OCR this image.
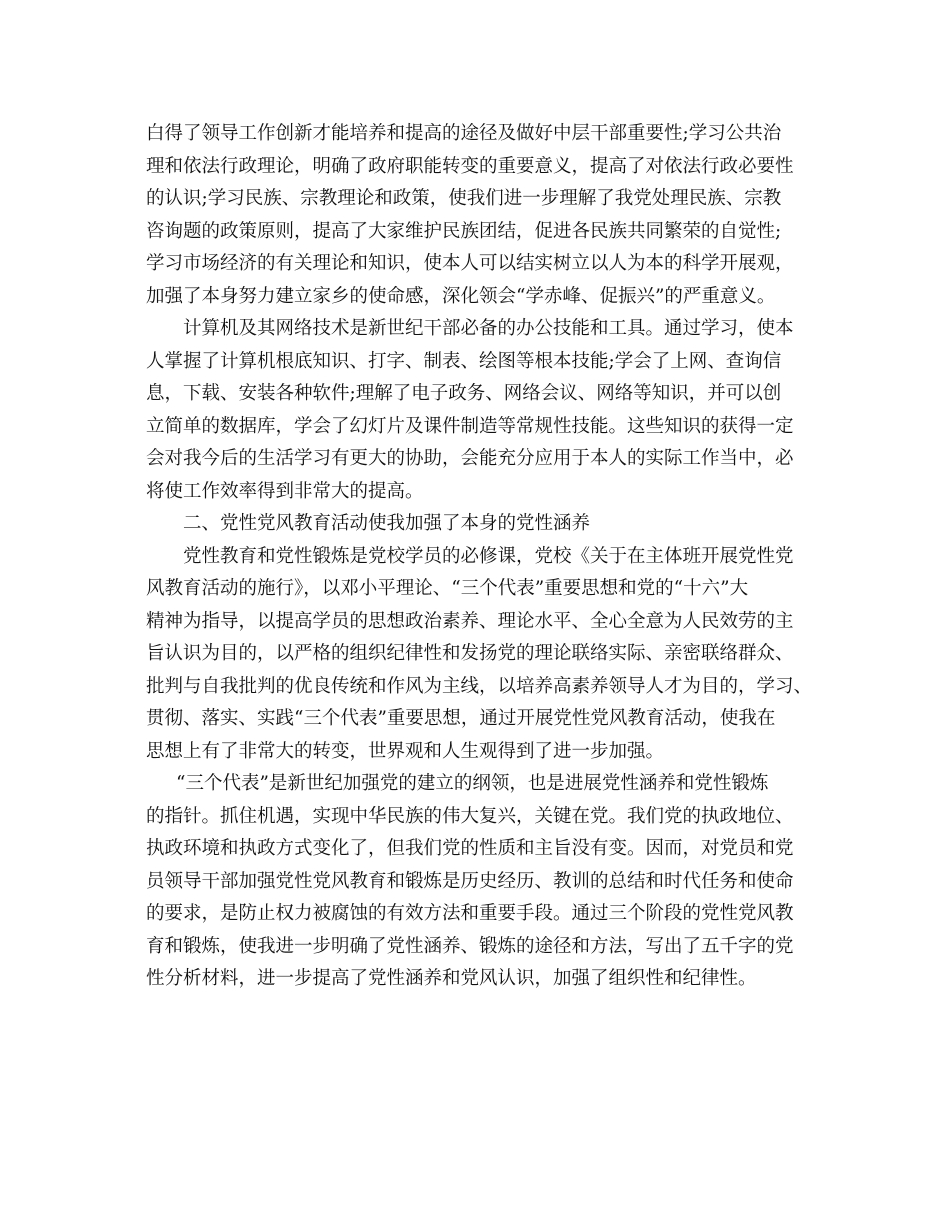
白得了领导工作创新才能培养和提高的途径及做好中层干部重要性;学习公共治
理和依法行政理论，明确了政府职能转变的重要意义，提高了对依法行政必要性
的认识;学习民族、宗教理论和政策，使我们进一步理解了我党处理民族、宗教
咨询题的政策原则，提高了大家维护民族团结，促进各民族共同繁荣的自觉性;
学习市场经济的有关理论和知识，使本人可以结实树立以人为本的科学开展观，
加强了本身努力建立家乡的使命感，深化领会“学赤峰、促振兴”的严重意义。
计算机及其网络技术是新世纪干部必备的办公技能和工具。通过学习，使本
人掌握了计算机根底知识、打字、制表、绘图等根本技能;学会了上网、查询信
息，下载、安装各种软件;理解了电子政务、网络会议、网络等知识，并可以创
立简单的数据库，学会了幻灯片及课件制造等常规性技能。这些知识的获得一定
会对我今后的生活学习有更大的协助，会能充分应用于本人的实际工作当中，必
将使工作效率得到非常大的提高。
二、党性党风教育活动使我加强了本身的党性涵养
党性教育和党性锻炼是党校学员的必修课，党校《关于在主体班开展党性党
风教育活动的施行》，以邓小平理论、“三个代表”重要思想和党的“十六”大
精神为指导，以提高学员的思想政治素养、理论水平、全心全意为人民效劳的主
旨认识为目的，以严格的组织纪律性和发扬党的理论联络实际、亲密联络群众、
批判与自我批判的优良传统和作风为主线，以培养高素养领导人才为目的，学习、
贯彻、落实、实践“三个代表”重要思想，通过开展党性党风教育活动，使我在
思想上有了非常大的转变，世界观和人生观得到了进一步加强。
“三个代表”是新世纪加强党的建立的纲领，也是进展党性涵养和党性锻炼
的指针。抓住机遇，实现中华民族的伟大复兴，关键在党。我们党的执政地位、
执政环境和执政方式变化了，但我们党的性质和主旨没有变。因而，对党员和党
员领导干部加强党性党风教育和锻炼是历史经历、教训的总结和时代任务和使命
的要求，是防止权力被腐蚀的有效方法和重要手段。通过三个阶段的党性党风教
育和锻炼，使我进一步明确了党性涵养、锻炼的途径和方法，写出了五千字的党
性分析材料，进一步提高了党性涵养和党风认识，加强了组织性和纪律性。
